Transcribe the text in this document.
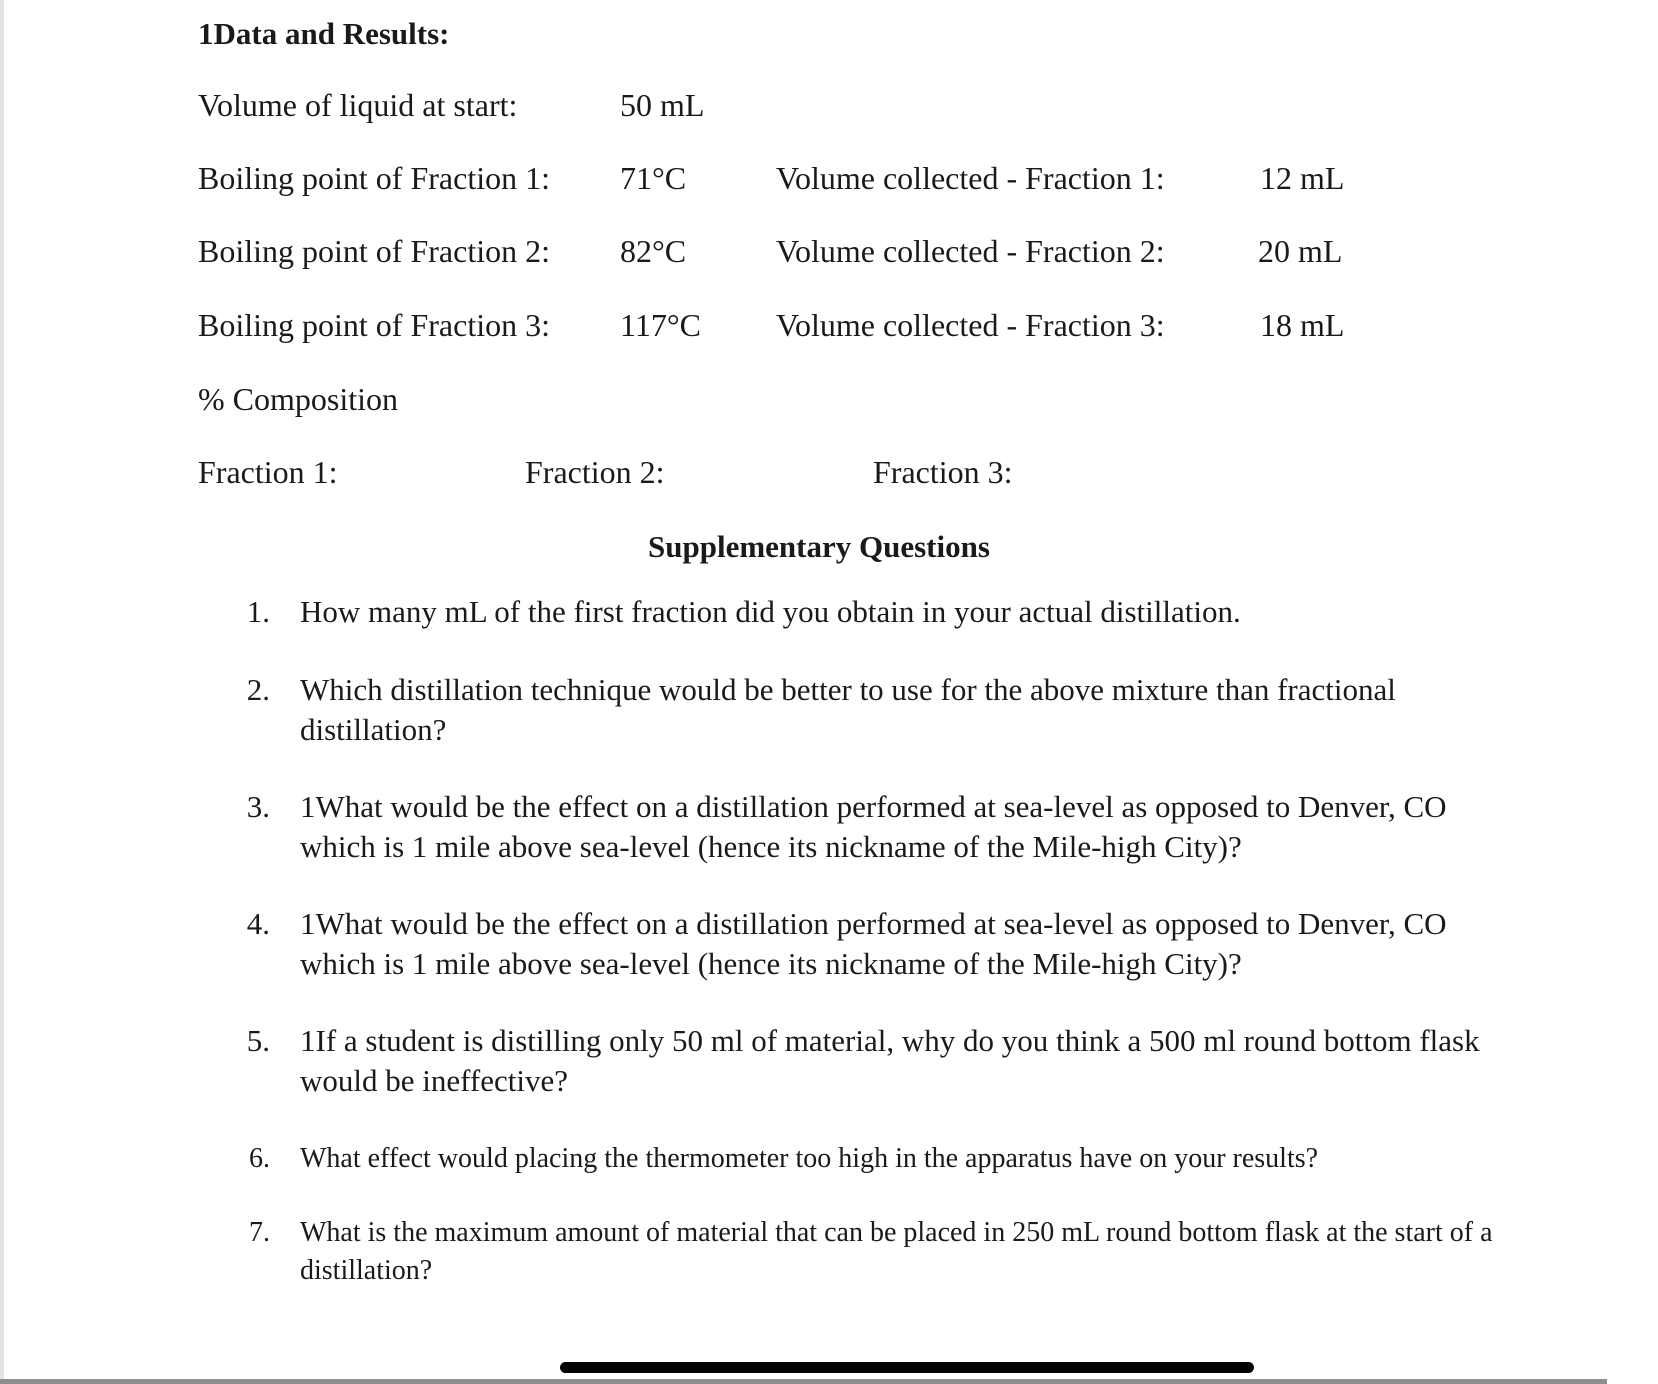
1Data and Results:
Volume of liquid at start:	50 mL
Boiling point of Fraction 1: 71°C	Volume collected - Fraction 1:	12 mL
Boiling point of Fraction 2: 82°C	Volume collected - Fraction 2:	20 mL
Boiling point of Fraction 3: 117°C Volume collected - Fraction 3:	18 mL
% Composition
Fraction 1:	Fraction 2:	Fraction 3:
Supplementary Questions
1. How many mL of the first fraction did you obtain in your actual distillation.
2. Which distillation technique would be better to use for the above mixture than fractional distillation?
3. 1What would be the effect on a distillation performed at sea-level as opposed to Denver, CO which is 1 mile above sea-level (hence its nickname of the Mile-high City)?
4. 1What would be the effect on a distillation performed at sea-level as opposed to Denver, CO which is 1 mile above sea-level (hence its nickname of the Mile-high City)?
5. 1If a student is distilling only 50 ml of material, why do you think a 500 ml round bottom flask would be ineffective?
6. What effect would placing the thermometer too high in the apparatus have on your results?
7. What is the maximum amount of material that can be placed in 250 mL round bottom flask at the start of a distillation?
